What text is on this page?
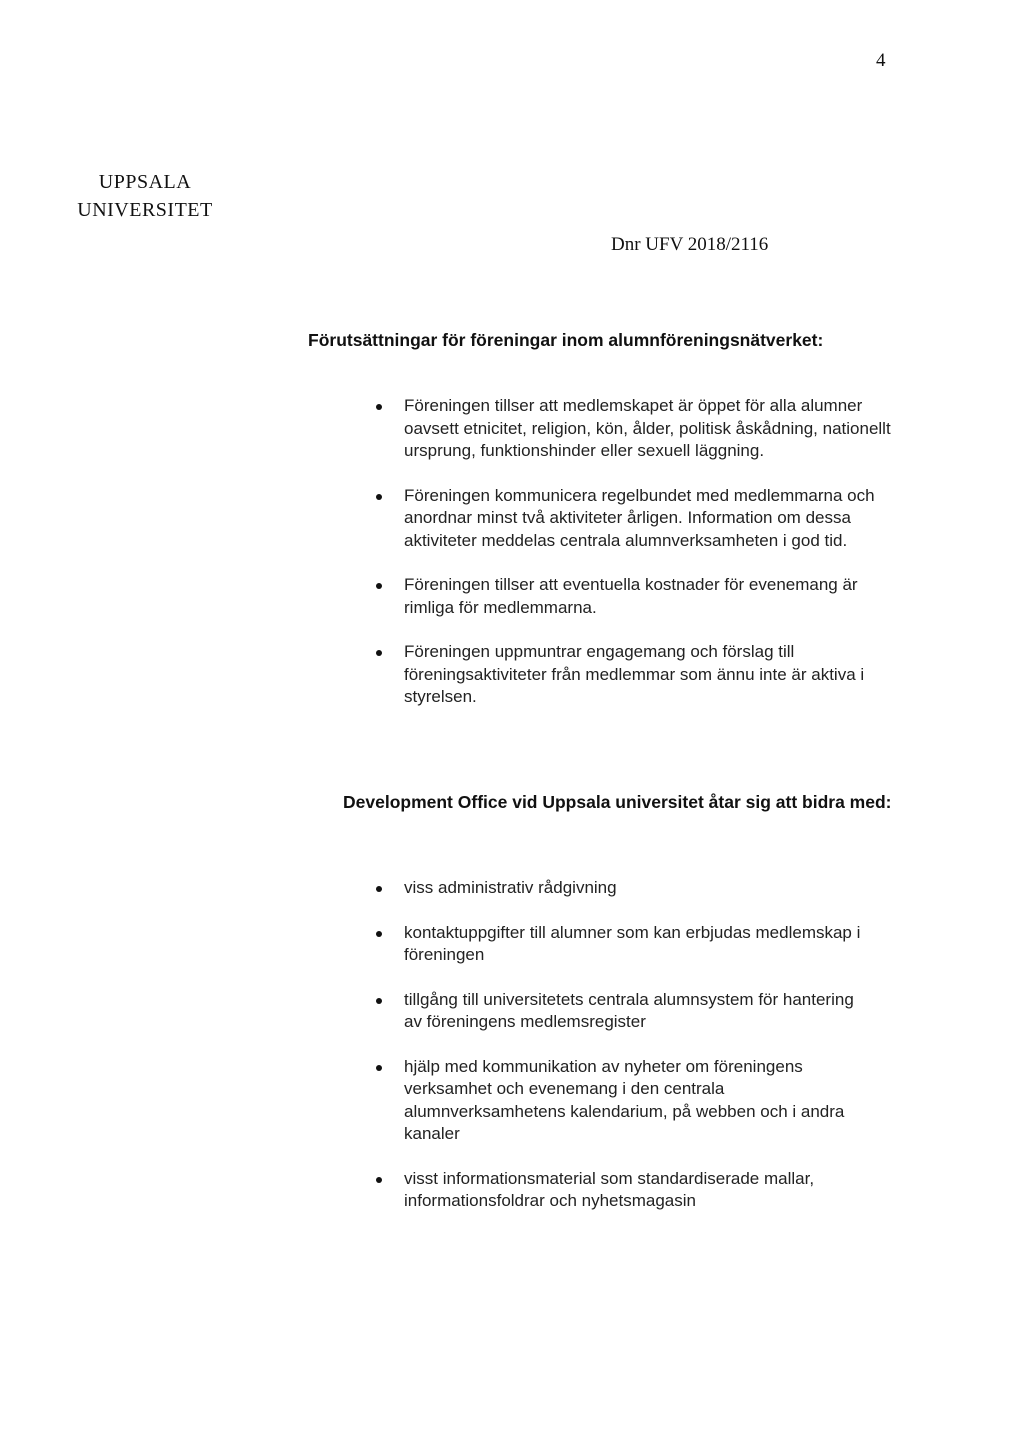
4
UPPSALA
UNIVERSITET
Dnr UFV 2018/2116
Förutsättningar för föreningar inom alumnföreningsnätverket:
Föreningen tillser att medlemskapet är öppet för alla alumner oavsett etnicitet, religion, kön, ålder, politisk åskådning, nationellt ursprung, funktionshinder eller sexuell läggning.
Föreningen kommunicera regelbundet med medlemmarna och anordnar minst två aktiviteter årligen. Information om dessa aktiviteter meddelas centrala alumnverksamheten i god tid.
Föreningen tillser att eventuella kostnader för evenemang är rimliga för medlemmarna.
Föreningen uppmuntrar engagemang och förslag till föreningsaktiviteter från medlemmar som ännu inte är aktiva i styrelsen.
Development Office vid Uppsala universitet åtar sig att bidra med:
viss administrativ rådgivning
kontaktuppgifter till alumner som kan erbjudas medlemskap i föreningen
tillgång till universitetets centrala alumnsystem för hantering av föreningens medlemsregister
hjälp med kommunikation av nyheter om föreningens verksamhet och evenemang i den centrala alumnverksamhetens kalendarium, på webben och i andra kanaler
visst informationsmaterial som standardiserade mallar, informationsfoldrar och nyhetsmagasin
